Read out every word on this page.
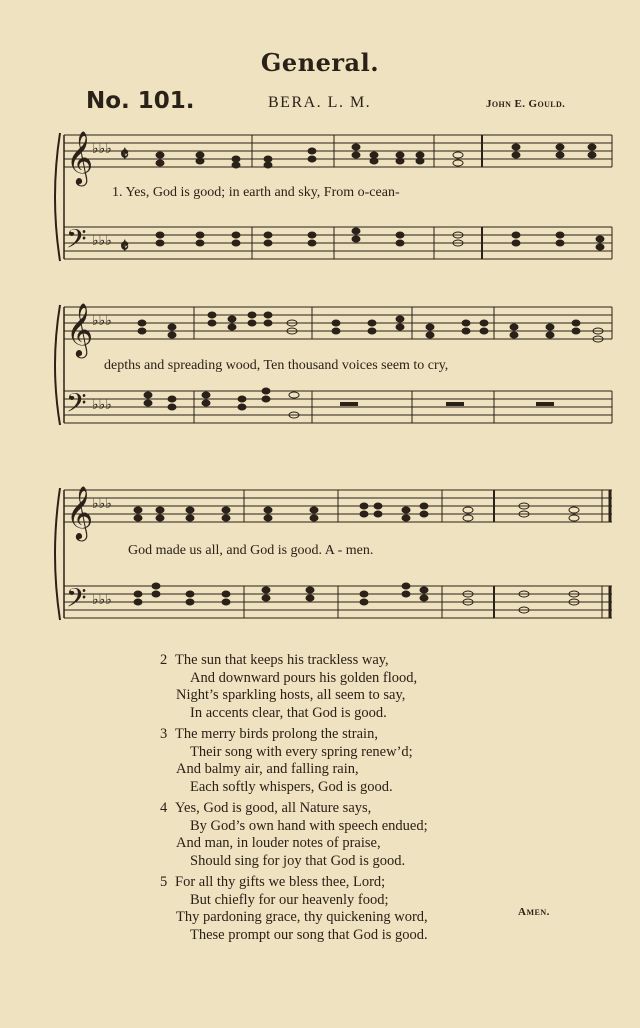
General.
No. 101.	BERA. L. M.	John E. Gould.
𝄞
𝄢
♭♭♭
♭♭♭
𝄵
𝄵
1. Yes, God is good; in earth and sky, From o-cean-
𝄞
𝄢
♭♭♭
♭♭♭
depths and spreading wood, Ten thousand voices seem to cry,
𝄞
𝄢
♭♭♭
♭♭♭
God made us all, and God is good. A - men.
2 The sun that keeps his trackless way,
And downward pours his golden flood,
Night’s sparkling hosts, all seem to say,
In accents clear, that God is good.
3 The merry birds prolong the strain,
Their song with every spring renew’d;
And balmy air, and falling rain,
Each softly whispers, God is good.
4 Yes, God is good, all Nature says,
By God’s own hand with speech endued;
And man, in louder notes of praise,
Should sing for joy that God is good.
5 For all thy gifts we bless thee, Lord;
But chiefly for our heavenly food;
Thy pardoning grace, thy quickening word,
These prompt our song that God is good.
Amen.
